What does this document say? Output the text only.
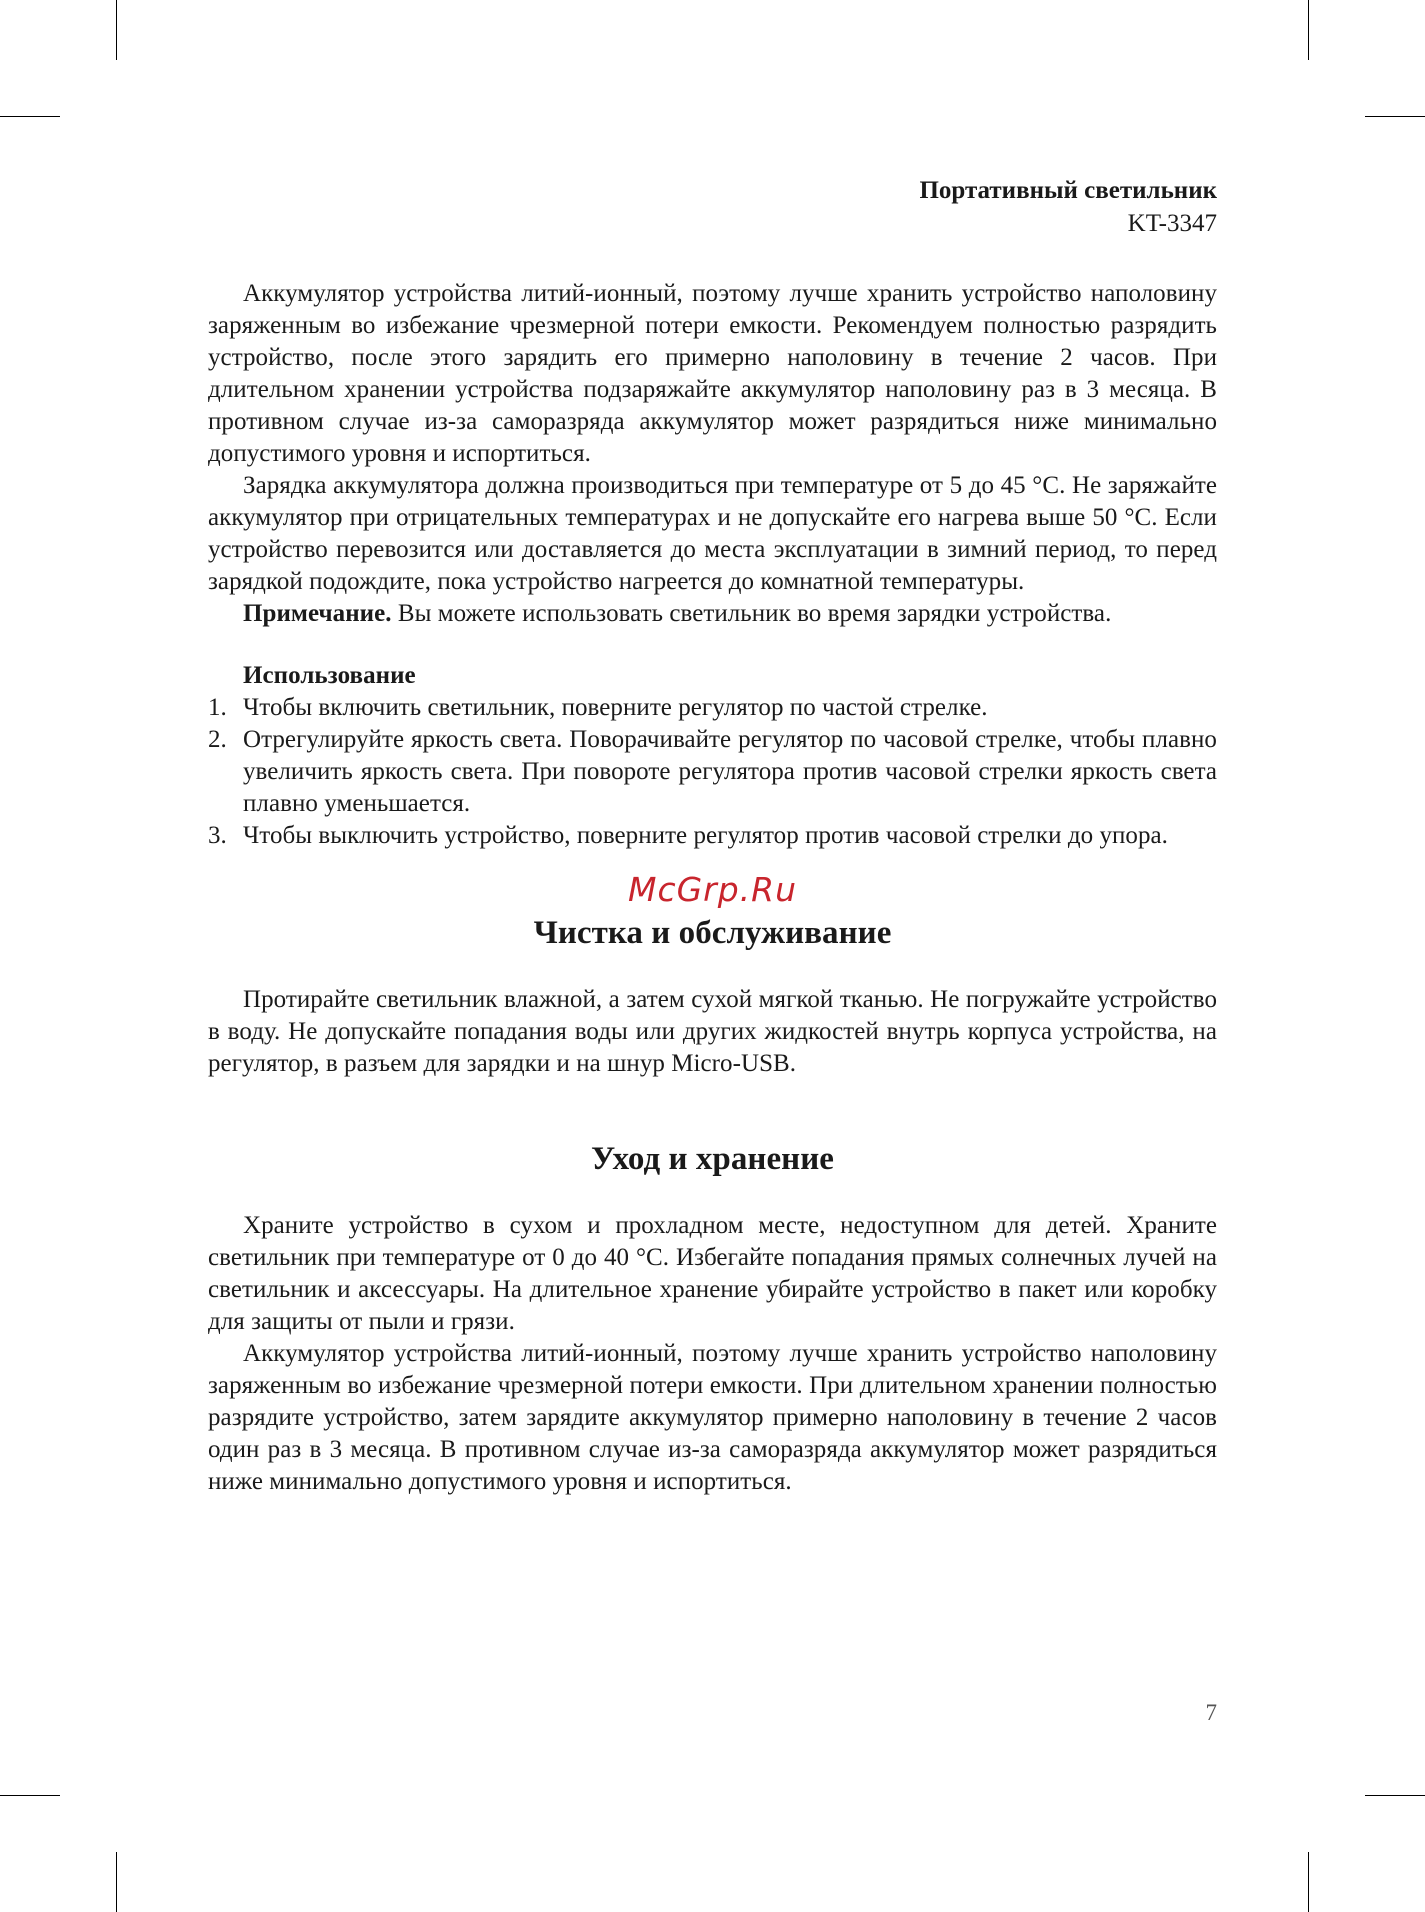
Портативный светильник
KT-3347

Аккумулятор устройства литий-ионный, поэтому лучше хранить устройство наполовину заряженным во избежание чрезмерной потери емкости. Рекомендуем полностью разрядить устройство, после этого зарядить его примерно наполовину в течение 2 часов. При длительном хранении устройства подзаряжайте аккумулятор наполовину раз в 3 месяца. В противном случае из-за саморазряда аккумулятор может разрядиться ниже минимально допустимого уровня и испортиться.

Зарядка аккумулятора должна производиться при температуре от 5 до 45 °С. Не заряжайте аккумулятор при отрицательных температурах и не допускайте его нагрева выше 50 °С. Если устройство перевозится или доставляется до места эксплуатации в зимний период, то перед зарядкой подождите, пока устройство нагреется до комнатной температуры.

Примечание. Вы можете использовать светильник во время зарядки устройства.

Использование
1. Чтобы включить светильник, поверните регулятор по частой стрелке.
2. Отрегулируйте яркость света. Поворачивайте регулятор по часовой стрелке, чтобы плавно увеличить яркость света. При повороте регулятора против часовой стрелки яркость света плавно уменьшается.
3. Чтобы выключить устройство, поверните регулятор против часовой стрелки до упора.
McGrp.Ru
Чистка и обслуживание

Протирайте светильник влажной, а затем сухой мягкой тканью. Не погружайте устройство в воду. Не допускайте попадания воды или других жидкостей внутрь корпуса устройства, на регулятор, в разъем для зарядки и на шнур Micro-USB.

Уход и хранение

Храните устройство в сухом и прохладном месте, недоступном для детей. Храните светильник при температуре от 0 до 40 °С. Избегайте попадания прямых солнечных лучей на светильник и аксессуары. На длительное хранение убирайте устройство в пакет или коробку для защиты от пыли и грязи.

Аккумулятор устройства литий-ионный, поэтому лучше хранить устройство наполовину заряженным во избежание чрезмерной потери емкости. При длительном хранении полностью разрядите устройство, затем зарядите аккумулятор примерно наполовину в течение 2 часов один раз в 3 месяца. В противном случае из-за саморазряда аккумулятор может разрядиться ниже минимально допустимого уровня и испортиться.

7
